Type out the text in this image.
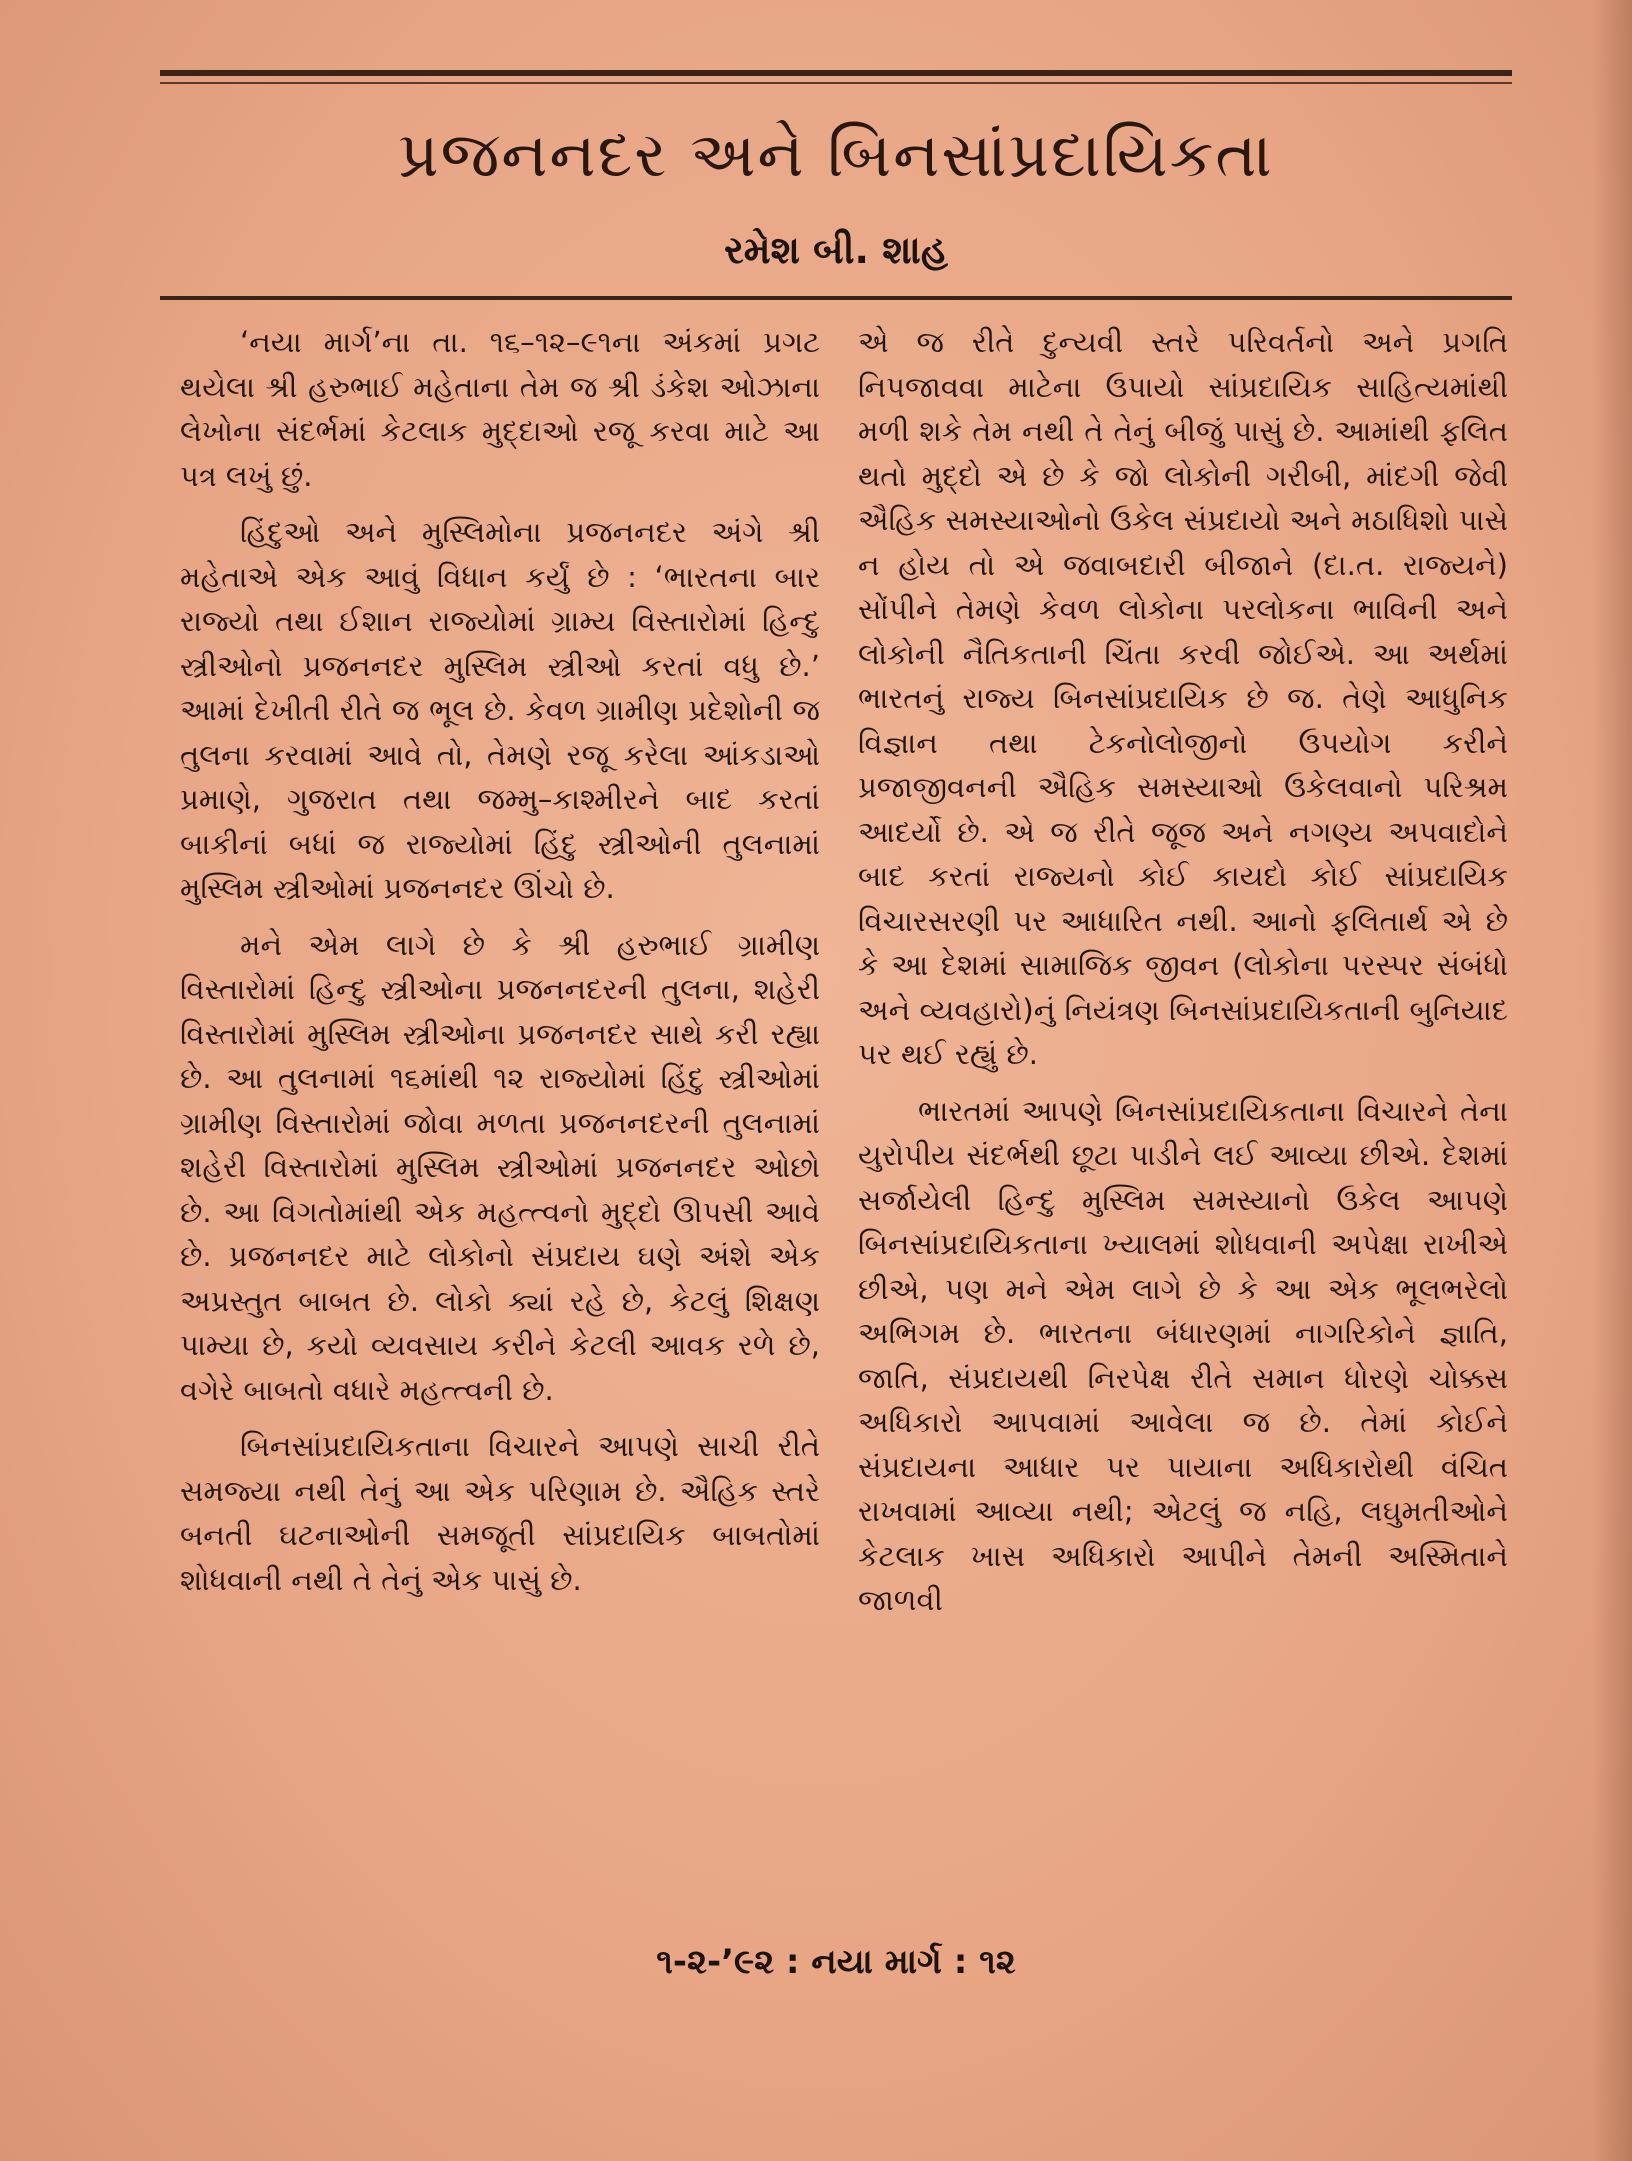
પ્રજનનદર અને બિનસાંપ્રદાયિકતા
રમેશ બી. શાહ

‘નયા માર્ગ’ના તા. ૧૬–૧૨–૯૧ના અંકમાં પ્રગટ થયેલા શ્રી હરુભાઈ મહેતાના તેમ જ શ્રી ડંકેશ ઓઝાના લેખોના સંદર્ભમાં કેટલાક મુદ્દાઓ રજૂ કરવા માટે આ પત્ર લખું છું.

હિંદુઓ અને મુસ્લિમોના પ્રજનનદર અંગે શ્રી મહેતાએ એક આવું વિધાન કર્યું છે : ‘ભારતના બાર રાજ્યો તથા ઈશાન રાજ્યોમાં ગ્રામ્ય વિસ્તારોમાં હિન્દુ સ્ત્રીઓનો પ્રજનનદર મુસ્લિમ સ્ત્રીઓ કરતાં વધુ છે.’ આમાં દેખીતી રીતે જ ભૂલ છે. કેવળ ગ્રામીણ પ્રદેશોની જ તુલના કરવામાં આવે તો, તેમણે રજૂ કરેલા આંકડાઓ પ્રમાણે, ગુજરાત તથા જમ્મુ–કાશ્મીરને બાદ કરતાં બાકીનાં બધાં જ રાજ્યોમાં હિંદુ સ્ત્રીઓની તુલનામાં મુસ્લિમ સ્ત્રીઓમાં પ્રજનનદર ઊંચો છે.

મને એમ લાગે છે કે શ્રી હરુભાઈ ગ્રામીણ વિસ્તારોમાં હિન્દુ સ્ત્રીઓના પ્રજનનદરની તુલના, શહેરી વિસ્તારોમાં મુસ્લિમ સ્ત્રીઓના પ્રજનનદર સાથે કરી રહ્યા છે. આ તુલનામાં ૧૬માંથી ૧૨ રાજ્યોમાં હિંદુ સ્ત્રીઓમાં ગ્રામીણ વિસ્તારોમાં જોવા મળતા પ્રજનનદરની તુલનામાં શહેરી વિસ્તારોમાં મુસ્લિમ સ્ત્રીઓમાં પ્રજનનદર ઓછો છે. આ વિગતોમાંથી એક મહત્ત્વનો મુદ્દો ઊપસી આવે છે. પ્રજનનદર માટે લોકોનો સંપ્રદાય ઘણે અંશે એક અપ્રસ્તુત બાબત છે. લોકો ક્યાં રહે છે, કેટલું શિક્ષણ પામ્યા છે, કયો વ્યવસાય કરીને કેટલી આવક રળે છે, વગેરે બાબતો વધારે મહત્ત્વની છે.

બિનસાંપ્રદાયિકતાના વિચારને આપણે સાચી રીતે સમજ્યા નથી તેનું આ એક પરિણામ છે. ઐહિક સ્તરે બનતી ઘટનાઓની સમજૂતી સાંપ્રદાયિક બાબતોમાં શોધવાની નથી તે તેનું એક પાસું છે.

એ જ રીતે દુન્યવી સ્તરે પરિવર્તનો અને પ્રગતિ નિપજાવવા માટેના ઉપાયો સાંપ્રદાયિક સાહિત્યમાંથી મળી શકે તેમ નથી તે તેનું બીજું પાસું છે. આમાંથી ફલિત થતો મુદ્દો એ છે કે જો લોકોની ગરીબી, માંદગી જેવી ઐહિક સમસ્યાઓનો ઉકેલ સંપ્રદાયો અને મઠાધિશો પાસે ન હોય તો એ જવાબદારી બીજાને (દા.ત. રાજ્યને) સોંપીને તેમણે કેવળ લોકોના પરલોકના ભાવિની અને લોકોની નૈતિકતાની ચિંતા કરવી જોઈએ. આ અર્થમાં ભારતનું રાજ્ય બિનસાંપ્રદાયિક છે જ. તેણે આધુનિક વિજ્ઞાન તથા ટેકનોલોજીનો ઉપયોગ કરીને પ્રજાજીવનની ઐહિક સમસ્યાઓ ઉકેલવાનો પરિશ્રમ આદર્યો છે. એ જ રીતે જૂજ અને નગણ્ય અપવાદોને બાદ કરતાં રાજ્યનો કોઈ કાયદો કોઈ સાંપ્રદાયિક વિચારસરણી પર આધારિત નથી. આનો ફલિતાર્થ એ છે કે આ દેશમાં સામાજિક જીવન (લોકોના પરસ્પર સંબંધો અને વ્યવહારો)નું નિયંત્રણ બિનસાંપ્રદાયિકતાની બુનિયાદ પર થઈ રહ્યું છે.

ભારતમાં આપણે બિનસાંપ્રદાયિકતાના વિચારને તેના યુરોપીય સંદર્ભથી છૂટા પાડીને લઈ આવ્યા છીએ. દેશમાં સર્જાયેલી હિન્દુ મુસ્લિમ સમસ્યાનો ઉકેલ આપણે બિનસાંપ્રદાયિકતાના ખ્યાલમાં શોધવાની અપેક્ષા રાખીએ છીએ, પણ મને એમ લાગે છે કે આ એક ભૂલભરેલો અભિગમ છે. ભારતના બંધારણમાં નાગરિકોને જ્ઞાતિ, જાતિ, સંપ્રદાયથી નિરપેક્ષ રીતે સમાન ધોરણે ચોક્કસ અધિકારો આપવામાં આવેલા જ છે. તેમાં કોઈને સંપ્રદાયના આધાર પર પાયાના અધિકારોથી વંચિત રાખવામાં આવ્યા નથી; એટલું જ નહિ, લઘુમતીઓને કેટલાક ખાસ અધિકારો આપીને તેમની અસ્મિતાને જાળવી

૧-૨-’૯૨ : નયા માર્ગ : ૧૨
